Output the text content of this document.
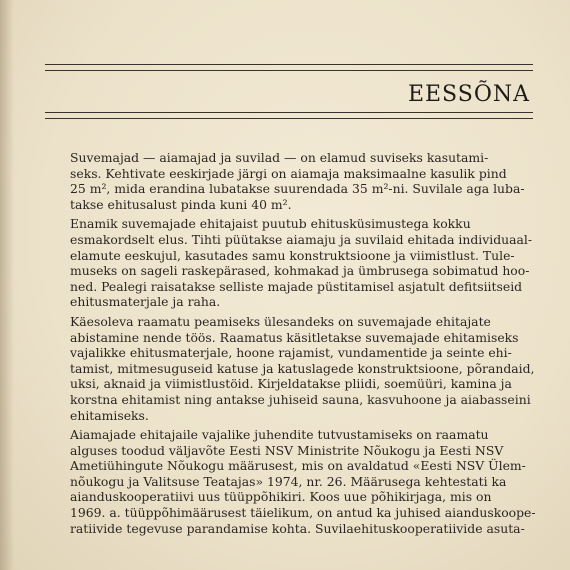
EESSÕNA

Suvemajad — aiamajad ja suvilad — on elamud suviseks kasutami-
seks. Kehtivate eeskirjade järgi on aiamaja maksimaalne kasulik pind
25 m², mida erandina lubatakse suurendada 35 m²-ni. Suvilale aga luba-
takse ehitusalust pinda kuni 40 m².

Enamik suvemajade ehitajaist puutub ehitusküsimustega kokku
esmakordselt elus. Tihti püütakse aiamaju ja suvilaid ehitada individuaal-
elamute eeskujul, kasutades samu konstruktsioone ja viimistlust. Tule-
museks on sageli raskepärased, kohmakad ja ümbrusega sobimatud hoo-
ned. Pealegi raisatakse selliste majade püstitamisel asjatult defitsiitseid
ehitusmaterjale ja raha.

Käesoleva raamatu peamiseks ülesandeks on suvemajade ehitajate
abistamine nende töös. Raamatus käsitletakse suvemajade ehitamiseks
vajalikke ehitusmaterjale, hoone rajamist, vundamentide ja seinte ehi-
tamist, mitmesuguseid katuse ja katuslagede konstruktsioone, põrandaid,
uksi, aknaid ja viimistlustöid. Kirjeldatakse pliidi, soemüüri, kamina ja
korstna ehitamist ning antakse juhiseid sauna, kasvuhoone ja aiabasseini
ehitamiseks.

Aiamajade ehitajaile vajalike juhendite tutvustamiseks on raamatu
alguses toodud väljavõte Eesti NSV Ministrite Nõukogu ja Eesti NSV
Ametiühingute Nõukogu määrusest, mis on avaldatud «Eesti NSV Ülem-
nõukogu ja Valitsuse Teatajas» 1974, nr. 26. Määrusega kehtestati ka
aianduskooperatiivi uus tüüppõhikiri. Koos uue põhikirjaga, mis on
1969. a. tüüppõhimäärusest täielikum, on antud ka juhised aianduskoope-
ratiivide tegevuse parandamise kohta. Suvilaehituskooperatiivide asuta-
